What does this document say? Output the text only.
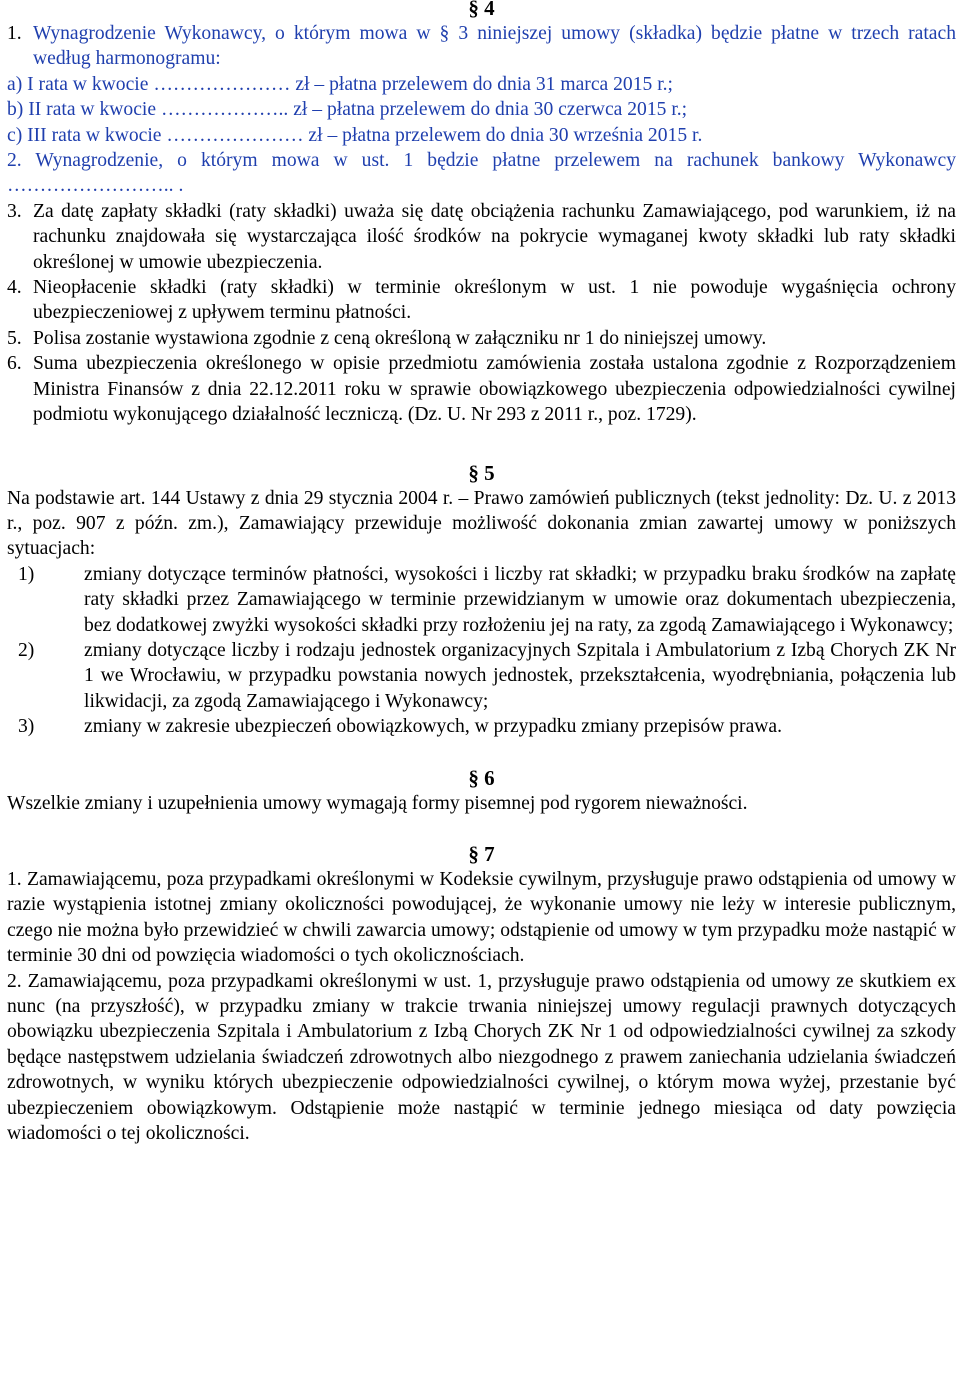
§ 4
1. Wynagrodzenie Wykonawcy, o którym mowa w § 3 niniejszej umowy (składka) będzie płatne w trzech ratach według harmonogramu:
a) I rata w kwocie ………………… zł – płatna przelewem do dnia 31 marca 2015 r.;
b) II rata w kwocie ……………….. zł – płatna przelewem do dnia 30 czerwca 2015 r.;
c) III rata w kwocie ………………… zł – płatna przelewem do dnia 30 września 2015 r.
2. Wynagrodzenie, o którym mowa w ust. 1 będzie płatne przelewem na rachunek bankowy Wykonawcy …………………….. .
3. Za datę zapłaty składki (raty składki) uważa się datę obciążenia rachunku Zamawiającego, pod warunkiem, iż na rachunku znajdowała się wystarczająca ilość środków na pokrycie wymaganej kwoty składki lub raty składki określonej w umowie ubezpieczenia.
4. Nieopłacenie składki (raty składki) w terminie określonym w ust. 1 nie powoduje wygaśnięcia ochrony ubezpieczeniowej z upływem terminu płatności.
5. Polisa zostanie wystawiona zgodnie z ceną określoną w załączniku nr 1 do niniejszej umowy.
6. Suma ubezpieczenia określonego w opisie przedmiotu zamówienia została ustalona zgodnie z Rozporządzeniem Ministra Finansów z dnia 22.12.2011 roku w sprawie obowiązkowego ubezpieczenia odpowiedzialności cywilnej podmiotu wykonującego działalność leczniczą. (Dz. U. Nr 293 z 2011 r., poz. 1729).
§ 5
Na podstawie art. 144 Ustawy z dnia 29 stycznia 2004 r. – Prawo zamówień publicznych (tekst jednolity: Dz. U. z 2013 r., poz. 907 z późn. zm.), Zamawiający przewiduje możliwość dokonania zmian zawartej umowy w poniższych sytuacjach:
1)	zmiany dotyczące terminów płatności, wysokości i liczby rat składki; w przypadku braku środków na zapłatę raty składki przez Zamawiającego w terminie przewidzianym w umowie oraz dokumentach ubezpieczenia, bez dodatkowej zwyżki wysokości składki przy rozłożeniu jej na raty, za zgodą Zamawiającego i Wykonawcy;
2)	zmiany dotyczące liczby i rodzaju jednostek organizacyjnych Szpitala i Ambulatorium z Izbą Chorych ZK Nr 1 we Wrocławiu, w przypadku powstania nowych jednostek, przekształcenia, wyodrębniania, połączenia lub likwidacji, za zgodą Zamawiającego i Wykonawcy;
3)	zmiany w zakresie ubezpieczeń obowiązkowych, w przypadku zmiany przepisów prawa.
§ 6
Wszelkie zmiany i uzupełnienia umowy wymagają formy pisemnej pod rygorem nieważności.
§ 7
1. Zamawiającemu, poza przypadkami określonymi w Kodeksie cywilnym, przysługuje prawo odstąpienia od umowy w razie wystąpienia istotnej zmiany okoliczności powodującej, że wykonanie umowy nie leży w interesie publicznym, czego nie można było przewidzieć w chwili zawarcia umowy; odstąpienie od umowy w tym przypadku może nastąpić w terminie 30 dni od powzięcia wiadomości o tych okolicznościach.
2. Zamawiającemu, poza przypadkami określonymi w ust. 1, przysługuje prawo odstąpienia od umowy ze skutkiem ex nunc (na przyszłość), w przypadku zmiany w trakcie trwania niniejszej umowy regulacji prawnych dotyczących obowiązku ubezpieczenia Szpitala i Ambulatorium z Izbą Chorych ZK Nr 1 od odpowiedzialności cywilnej za szkody będące następstwem udzielania świadczeń zdrowotnych albo niezgodnego z prawem zaniechania udzielania świadczeń zdrowotnych, w wyniku których ubezpieczenie odpowiedzialności cywilnej, o którym mowa wyżej, przestanie być ubezpieczeniem obowiązkowym. Odstąpienie może nastąpić w terminie jednego miesiąca od daty powzięcia wiadomości o tej okoliczności.
